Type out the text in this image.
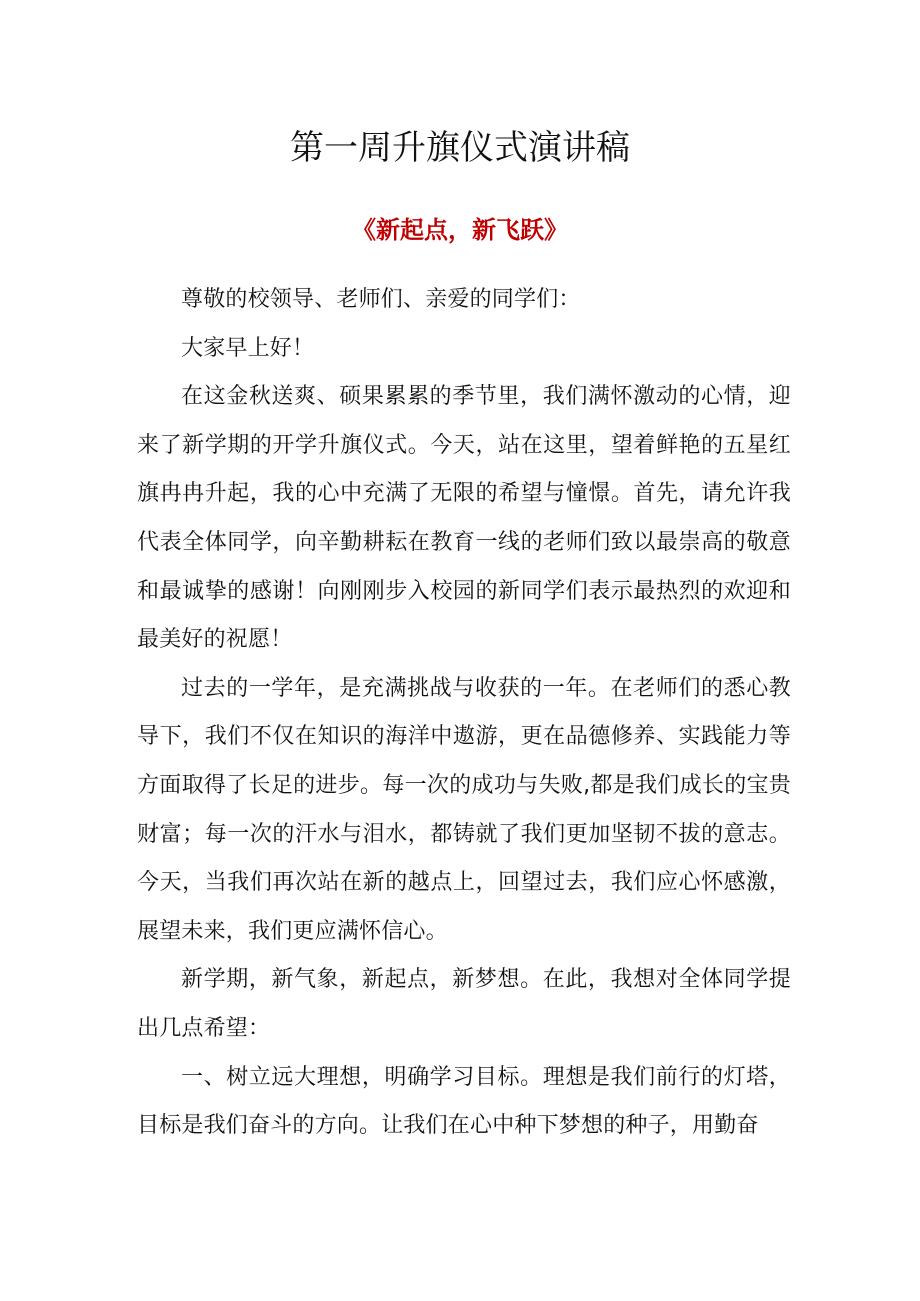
第一周升旗仪式演讲稿
《新起点，新飞跃》

尊敬的校领导、老师们、亲爱的同学们：

大家早上好！

在这金秋送爽、硕果累累的季节里，我们满怀激动的心情，迎来了新学期的开学升旗仪式。今天，站在这里，望着鲜艳的五星红旗冉冉升起，我的心中充满了无限的希望与憧憬。首先，请允许我代表全体同学，向辛勤耕耘在教育一线的老师们致以最崇高的敬意和最诚挚的感谢！向刚刚步入校园的新同学们表示最热烈的欢迎和最美好的祝愿！

过去的一学年，是充满挑战与收获的一年。在老师们的悉心教导下，我们不仅在知识的海洋中遨游，更在品德修养、实践能力等方面取得了长足的进步。每一次的成功与失败,都是我们成长的宝贵财富；每一次的汗水与泪水，都铸就了我们更加坚韧不拔的意志。今天，当我们再次站在新的越点上，回望过去，我们应心怀感激，展望未来，我们更应满怀信心。

新学期，新气象，新起点，新梦想。在此，我想对全体同学提出几点希望：

一、树立远大理想，明确学习目标。理想是我们前行的灯塔，目标是我们奋斗的方向。让我们在心中种下梦想的种子，用勤奋
